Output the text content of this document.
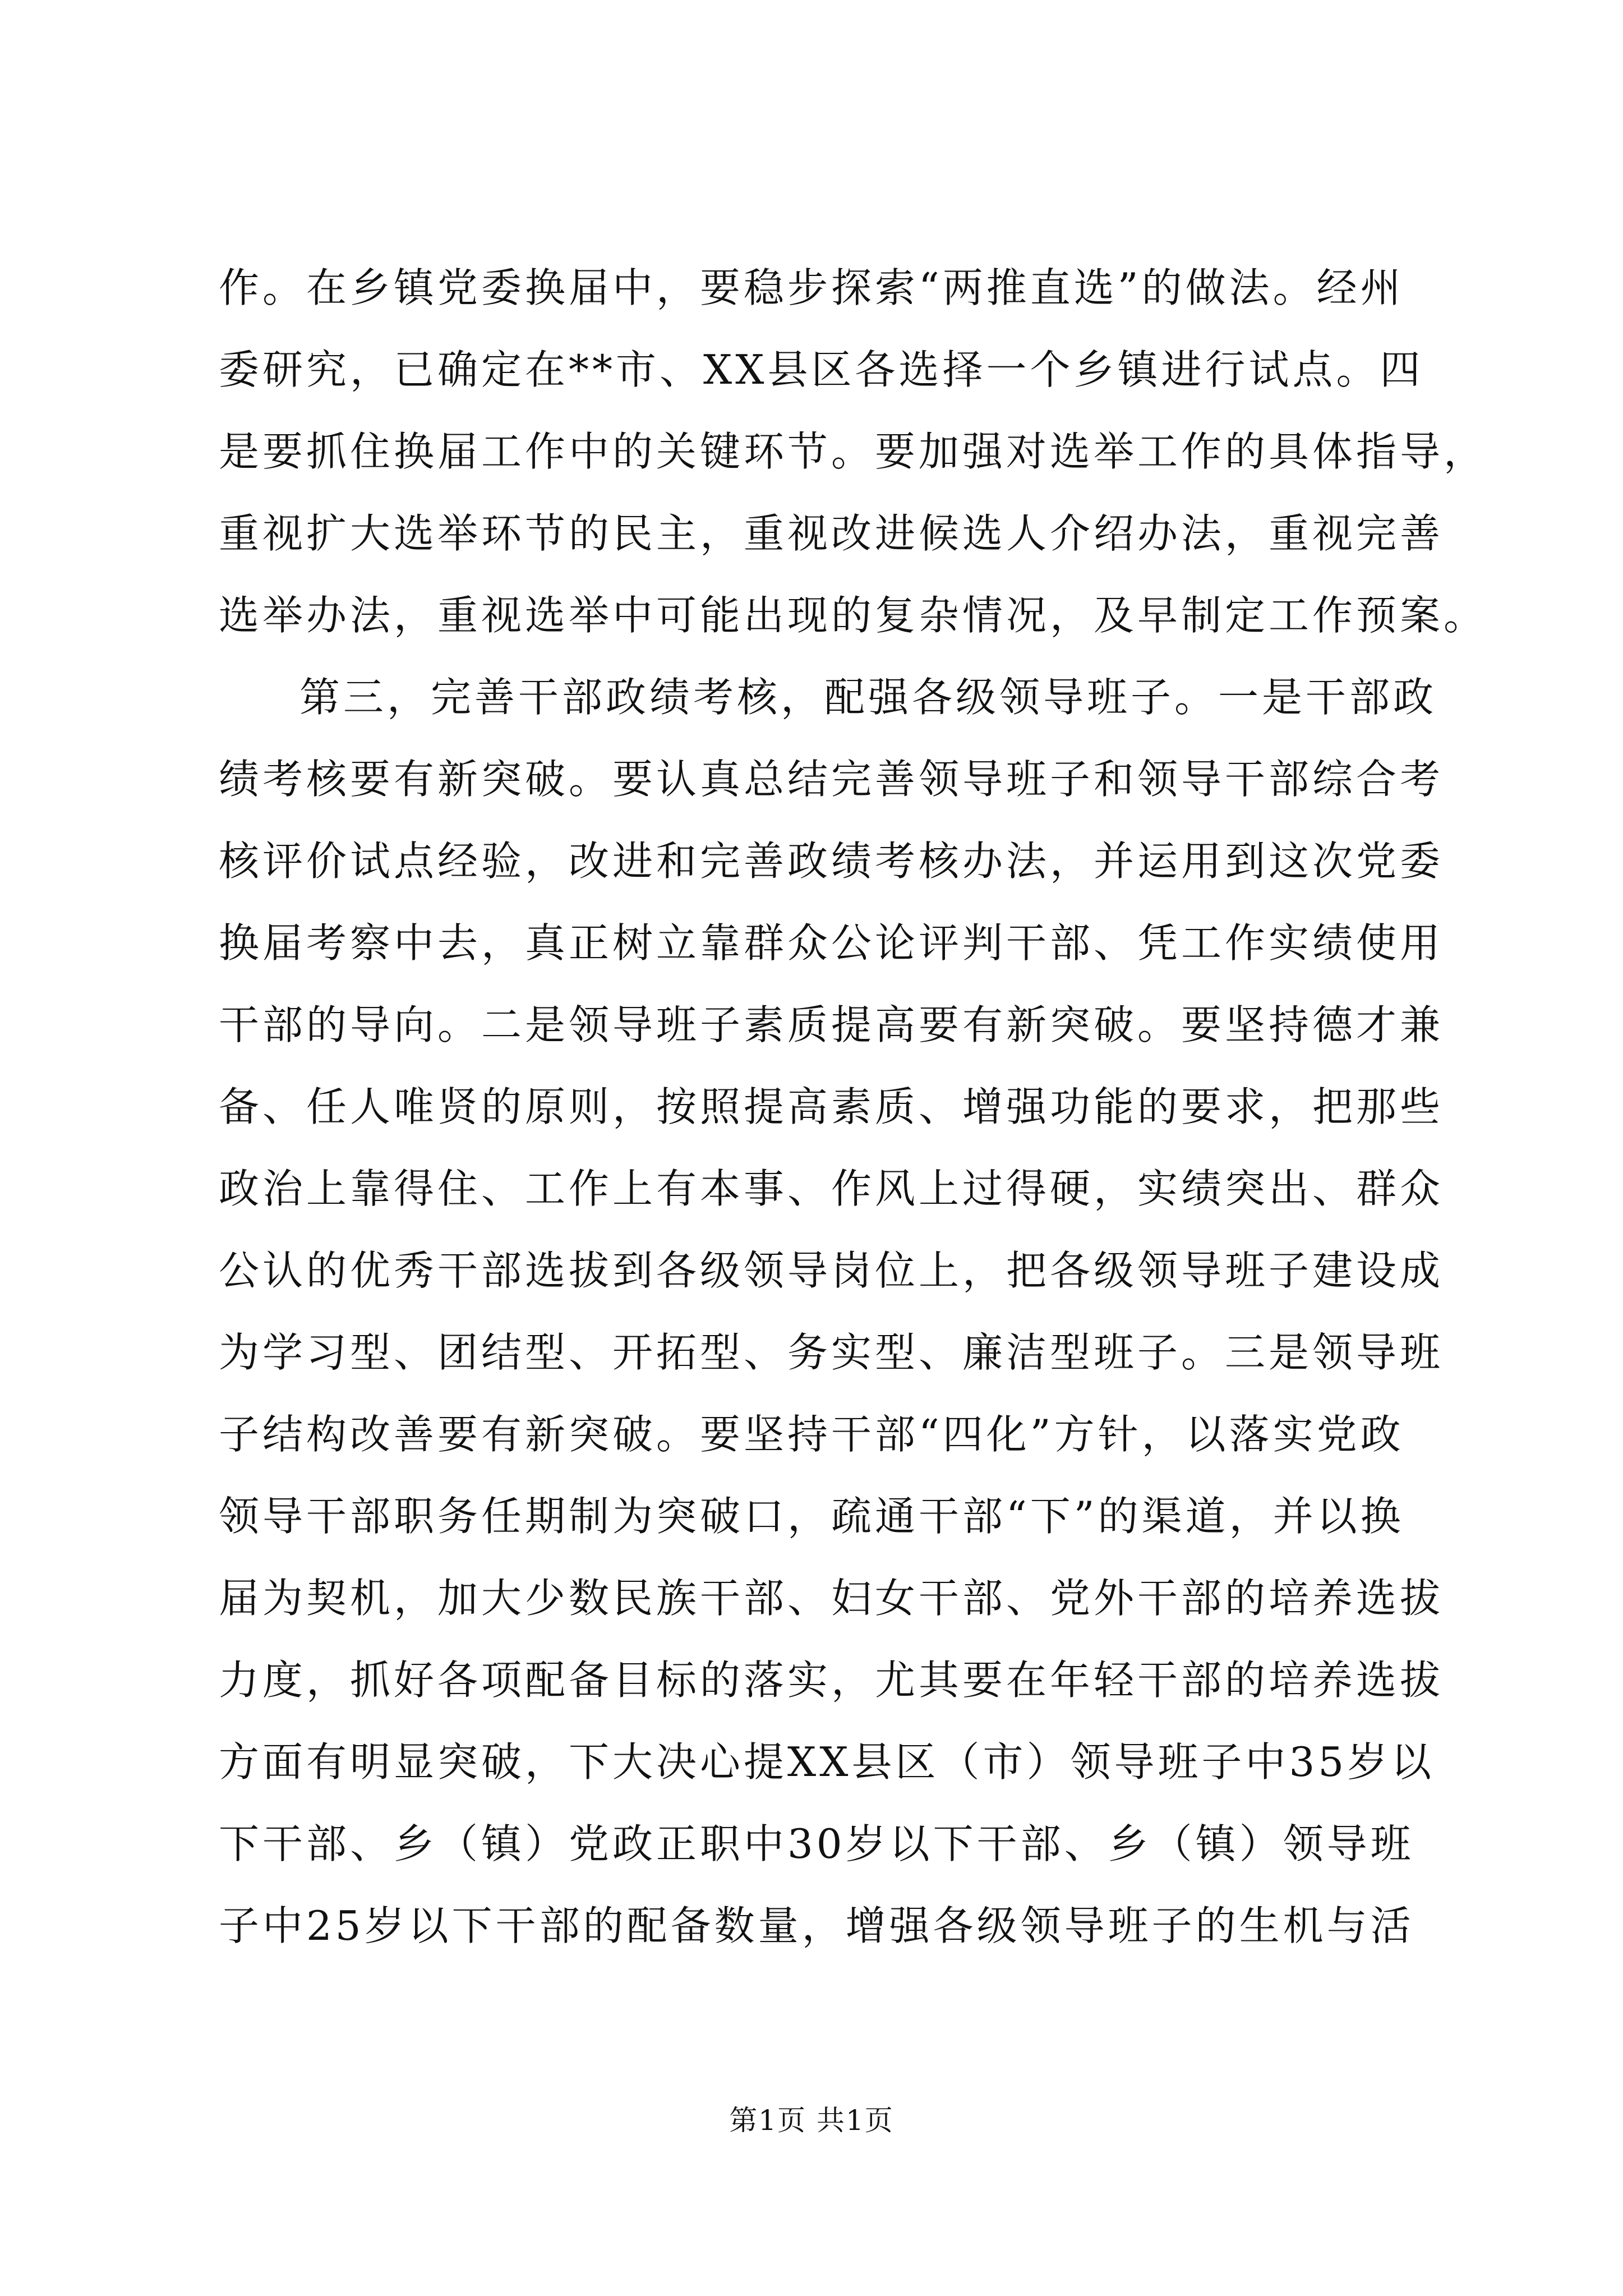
作。在乡镇党委换届中，要稳步探索“两推直选”的做法。经州
委研究，已确定在**市、XX县区各选择一个乡镇进行试点。四
是要抓住换届工作中的关键环节。要加强对选举工作的具体指导，
重视扩大选举环节的民主，重视改进候选人介绍办法，重视完善
选举办法，重视选举中可能出现的复杂情况，及早制定工作预案。
第三，完善干部政绩考核，配强各级领导班子。一是干部政
绩考核要有新突破。要认真总结完善领导班子和领导干部综合考
核评价试点经验，改进和完善政绩考核办法，并运用到这次党委
换届考察中去，真正树立靠群众公论评判干部、凭工作实绩使用
干部的导向。二是领导班子素质提高要有新突破。要坚持德才兼
备、任人唯贤的原则，按照提高素质、增强功能的要求，把那些
政治上靠得住、工作上有本事、作风上过得硬，实绩突出、群众
公认的优秀干部选拔到各级领导岗位上，把各级领导班子建设成
为学习型、团结型、开拓型、务实型、廉洁型班子。三是领导班
子结构改善要有新突破。要坚持干部“四化”方针，以落实党政
领导干部职务任期制为突破口，疏通干部“下”的渠道，并以换
届为契机，加大少数民族干部、妇女干部、党外干部的培养选拔
力度，抓好各项配备目标的落实，尤其要在年轻干部的培养选拔
方面有明显突破，下大决心提XX县区（市）领导班子中35岁以
下干部、乡（镇）党政正职中30岁以下干部、乡（镇）领导班
子中25岁以下干部的配备数量，增强各级领导班子的生机与活
第1页 共1页
